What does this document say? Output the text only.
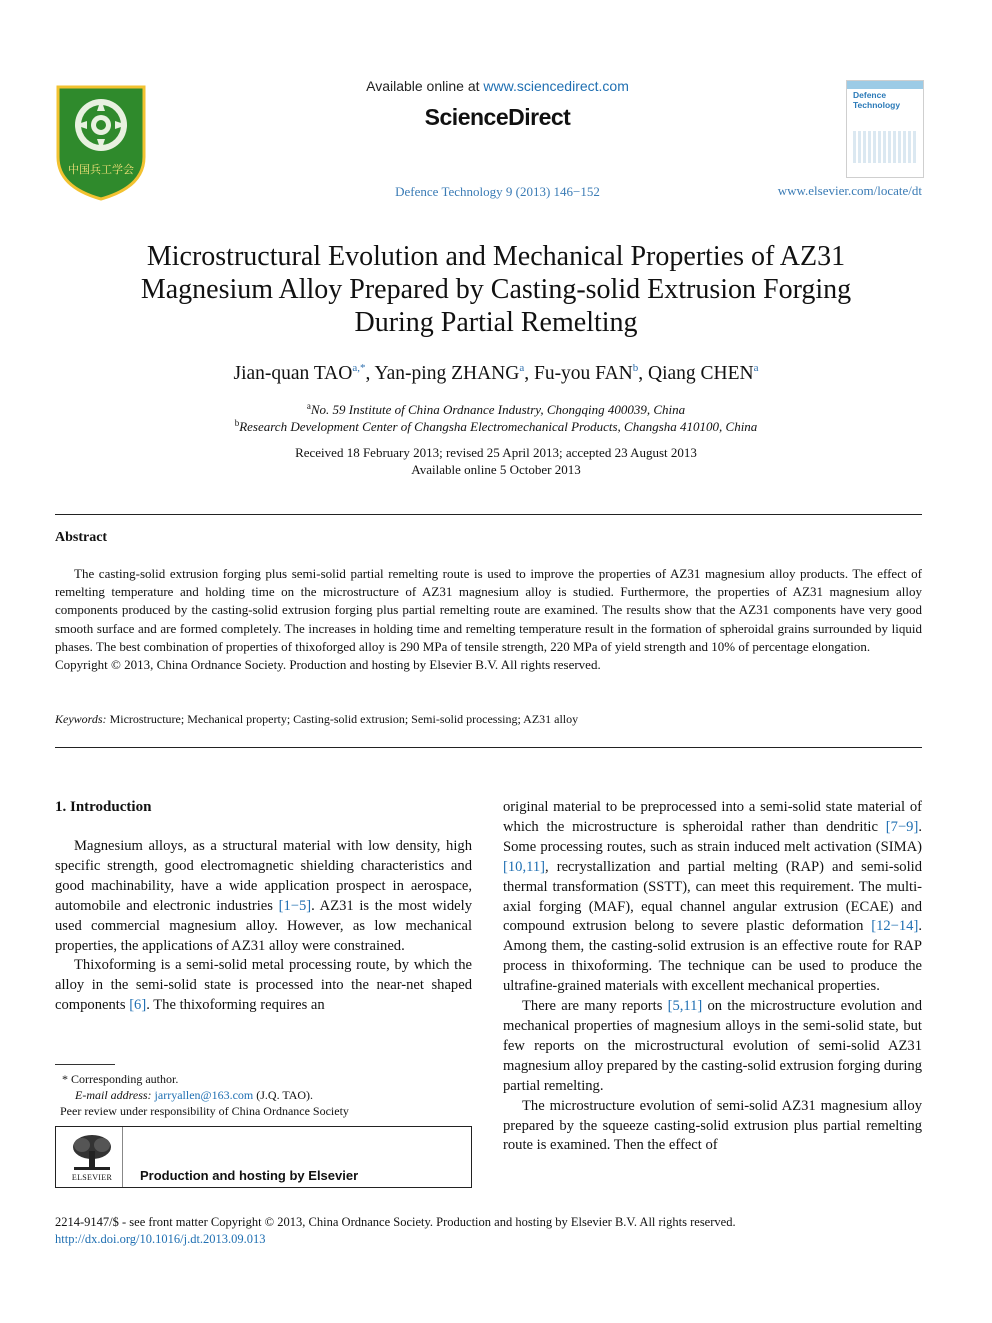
中国兵工学会
Available online at www.sciencedirect.com
ScienceDirect
Defence Technology 9 (2013) 146−152
Defence
Technology
www.elsevier.com/locate/dt
Microstructural Evolution and Mechanical Properties of AZ31
Magnesium Alloy Prepared by Casting-solid Extrusion Forging
During Partial Remelting
Jian-quan $TAO^{a,*}$, Yan-ping ZHANG$^a$, Fu-you FAN$^b$, Qiang CHEN$^a$
$^a$No. 59 Institute of China Ordnance Industry, Chongqing 400039, China
$^b$Research Development Center of Changsha Electromechanical Products, Changsha 410100, China
Received 18 February 2013; revised 25 April 2013; accepted 23 August 2013
Available online 5 October 2013
Abstract
The casting-solid extrusion forging plus semi-solid partial remelting route is used to improve the properties of AZ31 magnesium alloy products. The effect of remelting temperature and holding time on the microstructure of AZ31 magnesium alloy is studied. Furthermore, the properties of AZ31 magnesium alloy components produced by the casting-solid extrusion forging plus partial remelting route are examined. The results show that the AZ31 components have very good smooth surface and are formed completely. The increases in holding time and remelting temperature result in the formation of spheroidal grains surrounded by liquid phases. The best combination of properties of thixoforged alloy is 290 MPa of tensile strength, 220 MPa of yield strength and 10% of percentage elongation.
Copyright © 2013, China Ordnance Society. Production and hosting by Elsevier B.V. All rights reserved.
Keywords: Microstructure; Mechanical property; Casting-solid extrusion; Semi-solid processing; AZ31 alloy
1. Introduction

Magnesium alloys, as a structural material with low density, high specific strength, good electromagnetic shielding characteristics and good machinability, have a wide application prospect in aerospace, automobile and electronic industries [1−5]. AZ31 is the most widely used commercial magnesium alloy. However, as low mechanical properties, the applications of AZ31 alloy were constrained.

Thixoforming is a semi-solid metal processing route, by which the alloy in the semi-solid state is processed into the near-net shaped components [6]. The thixoforming requires an

original material to be preprocessed into a semi-solid state material of which the microstructure is spheroidal rather than dendritic [7−9]. Some processing routes, such as strain induced melt activation (SIMA) [10,11], recrystallization and partial melting (RAP) and semi-solid thermal transformation (SSTT), can meet this requirement. The multi-axial forging (MAF), equal channel angular extrusion (ECAE) and compound extrusion belong to severe plastic deformation [12−14]. Among them, the casting-solid extrusion is an effective route for RAP process in thixoforming. The technique can be used to produce the ultrafine-grained materials with excellent mechanical properties.

There are many reports [5,11] on the microstructure evolution and mechanical properties of magnesium alloys in the semi-solid state, but few reports on the microstructural evolution of semi-solid AZ31 magnesium alloy prepared by the casting-solid extrusion forging during partial remelting.

The microstructure evolution of semi-solid AZ31 magnesium alloy prepared by the squeeze casting-solid extrusion plus partial remelting route is examined. Then the effect of

* Corresponding author.
E-mail address: jarryallen@163.com (J.Q. TAO).
Peer review under responsibility of China Ordnance Society
ELSEVIER	Production and hosting by Elsevier
2214-9147/$ - see front matter Copyright © 2013, China Ordnance Society. Production and hosting by Elsevier B.V. All rights reserved.
http://dx.doi.org/10.1016/j.dt.2013.09.013
